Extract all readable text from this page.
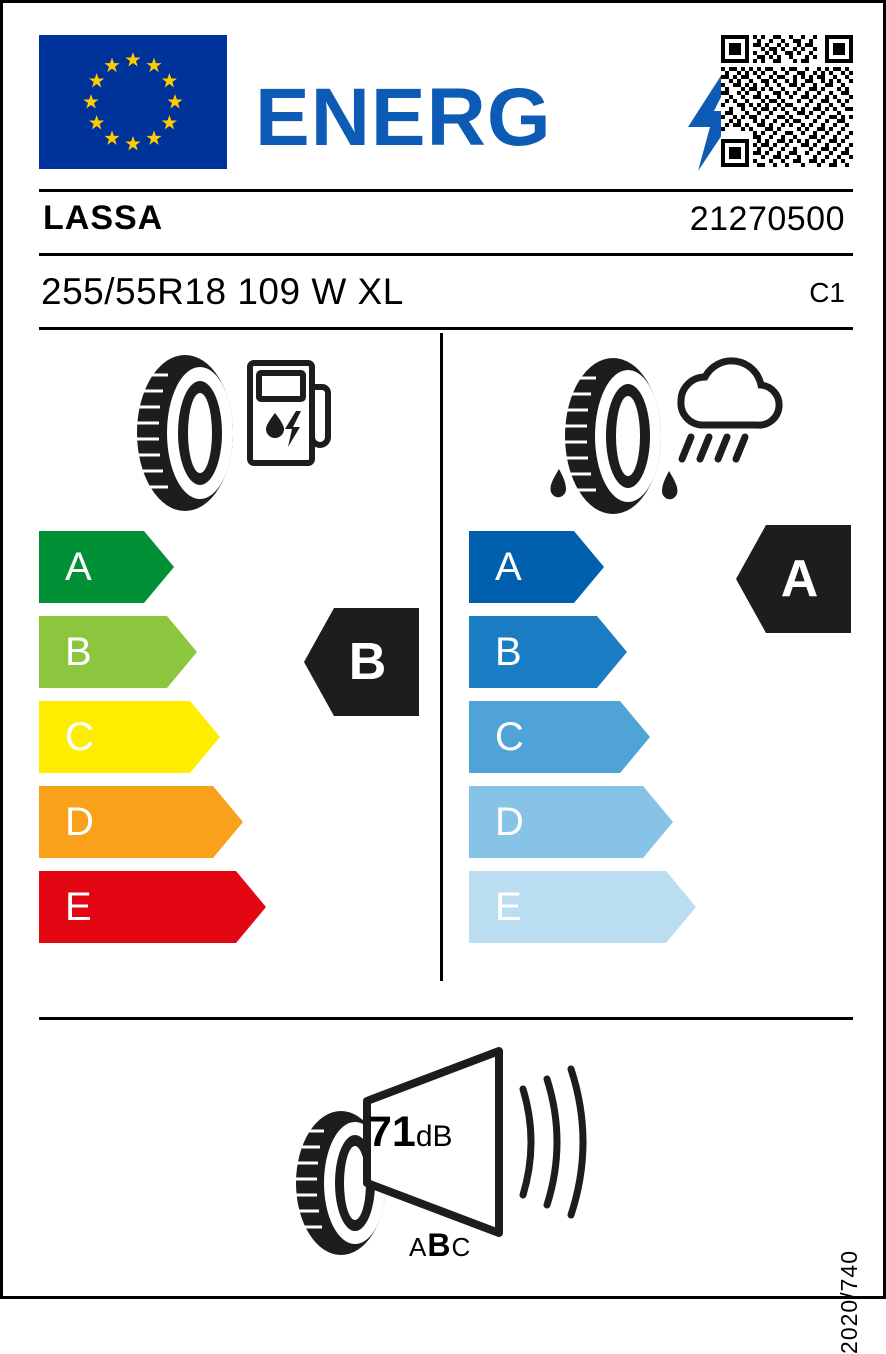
ENERG
LASSA	21270500
255/55R18 109 W XL	C1
A
B
C
D
E
A
B
C
D
E
B
A
71dB
ABC
2020/740
